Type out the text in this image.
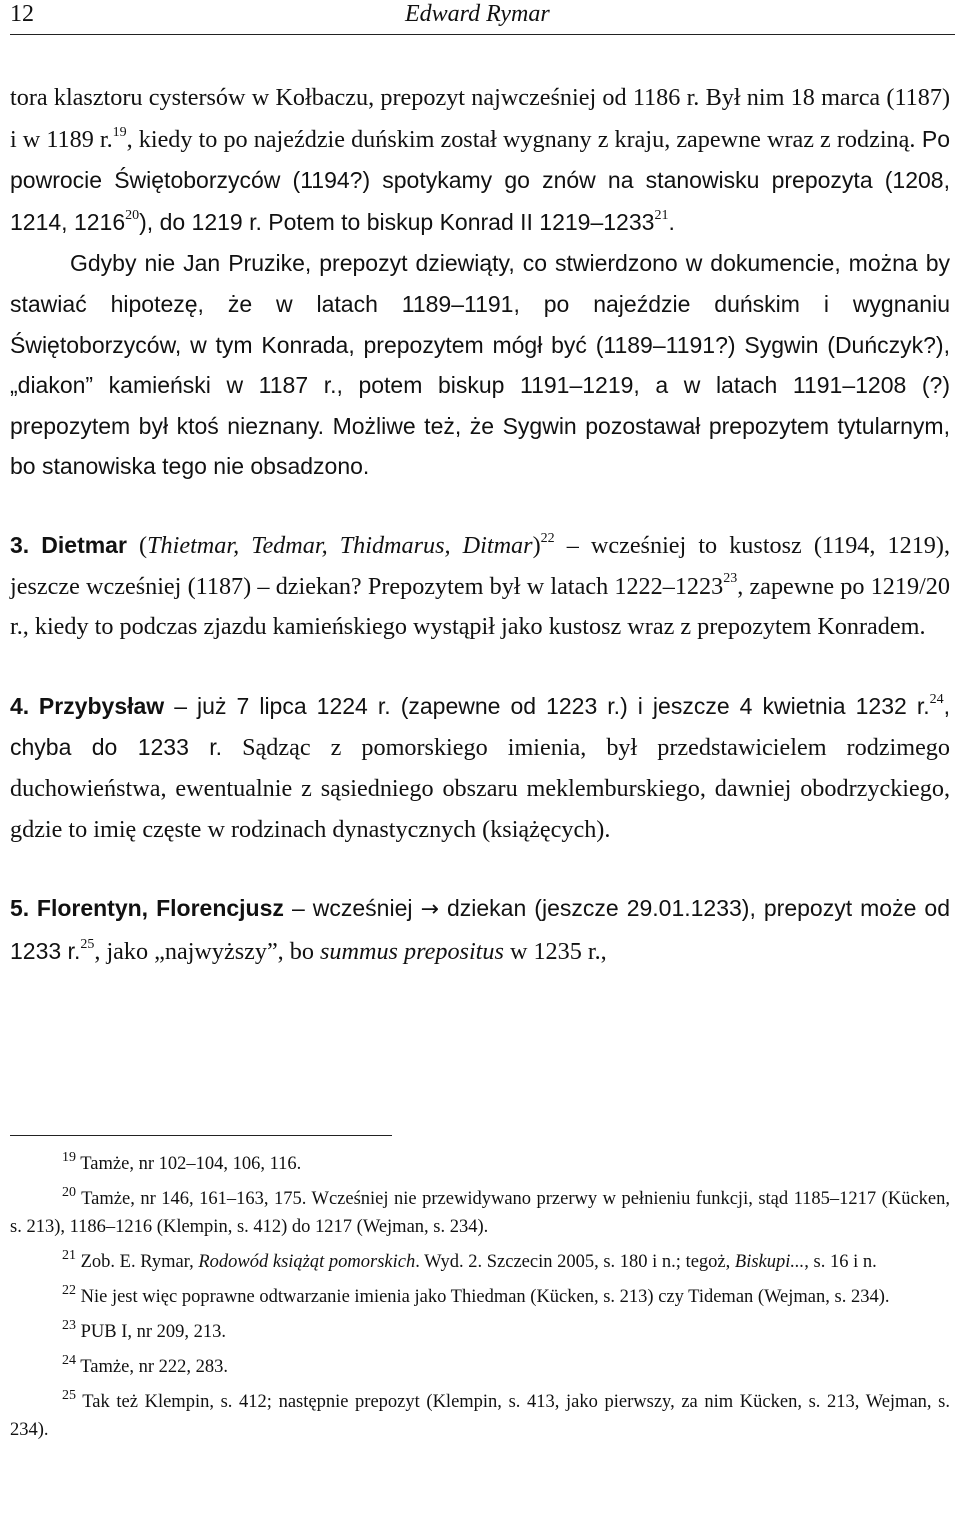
12	Edward Rymar

tora klasztoru cystersów w Kołbaczu, prepozyt najwcześniej od 1186 r. Był nim 18 marca (1187) i w 1189 r.$^{19}$, kiedy to po najeździe duńskim został wygnany z kraju, zapewne wraz z rodziną. Po powrocie Świętoborzyców (1194?) spotykamy go znów na stanowisku prepozyta (1208, 1214, 1216$^{20}$), do 1219 r. Potem to biskup Konrad II 1219–1233$^{21}$.

Gdyby nie Jan Pruzike, prepozyt dziewiąty, co stwierdzono w dokumencie, można by stawiać hipotezę, że w latach 1189–1191, po najeździe duńskim i wygnaniu Świętoborzyców, w tym Konrada, prepozytem mógł być (1189–1191?) Sygwin (Duńczyk?), „diakon” kamieński w 1187 r., potem biskup 1191–1219, a w latach 1191–1208 (?) prepozytem był ktoś nieznany. Możliwe też, że Sygwin pozostawał prepozytem tytularnym, bo stanowiska tego nie obsadzono.

3. Dietmar (Thietmar, Tedmar, Thidmarus, Ditmar)$^{22}$ – wcześniej to kustosz (1194, 1219), jeszcze wcześniej (1187) – dziekan? Prepozytem był w latach 1222–1223$^{23}$, zapewne po 1219/20 r., kiedy to podczas zjazdu kamieńskiego wystąpił jako kustosz wraz z prepozytem Konradem.

4. Przybysław – już 7 lipca 1224 r. (zapewne od 1223 r.) i jeszcze 4 kwietnia 1232 r.$^{24}$, chyba do 1233 r. Sądząc z pomorskiego imienia, był przedstawicielem rodzimego duchowieństwa, ewentualnie z sąsiedniego obszaru meklemburskiego, dawniej obodrzyckiego, gdzie to imię częste w rodzinach dynastycznych (książęcych).

5. Florentyn, Florencjusz – wcześniej → dziekan (jeszcze 29.01.1233), prepozyt może od 1233 r.$^{25}$, jako „najwyższy”, bo summus prepositus w 1235 r.,

$^{19}$ Tamże, nr 102–104, 106, 116.

$^{20}$ Tamże, nr 146, 161–163, 175. Wcześniej nie przewidywano przerwy w pełnieniu funkcji, stąd 1185–1217 (Kücken, s. 213), 1186–1216 (Klempin, s. 412) do 1217 (Wejman, s. 234).

$^{21}$ Zob. E. Rymar, Rodowód książąt pomorskich. Wyd. 2. Szczecin 2005, s. 180 i n.; tegoż, Biskupi..., s. 16 i n.

$^{22}$ Nie jest więc poprawne odtwarzanie imienia jako Thiedman (Kücken, s. 213) czy Tideman (Wejman, s. 234).

$^{23}$ PUB I, nr 209, 213.

$^{24}$ Tamże, nr 222, 283.

$^{25}$ Tak też Klempin, s. 412; następnie prepozyt (Klempin, s. 413, jako pierwszy, za nim Kücken, s. 213, Wejman, s. 234).
